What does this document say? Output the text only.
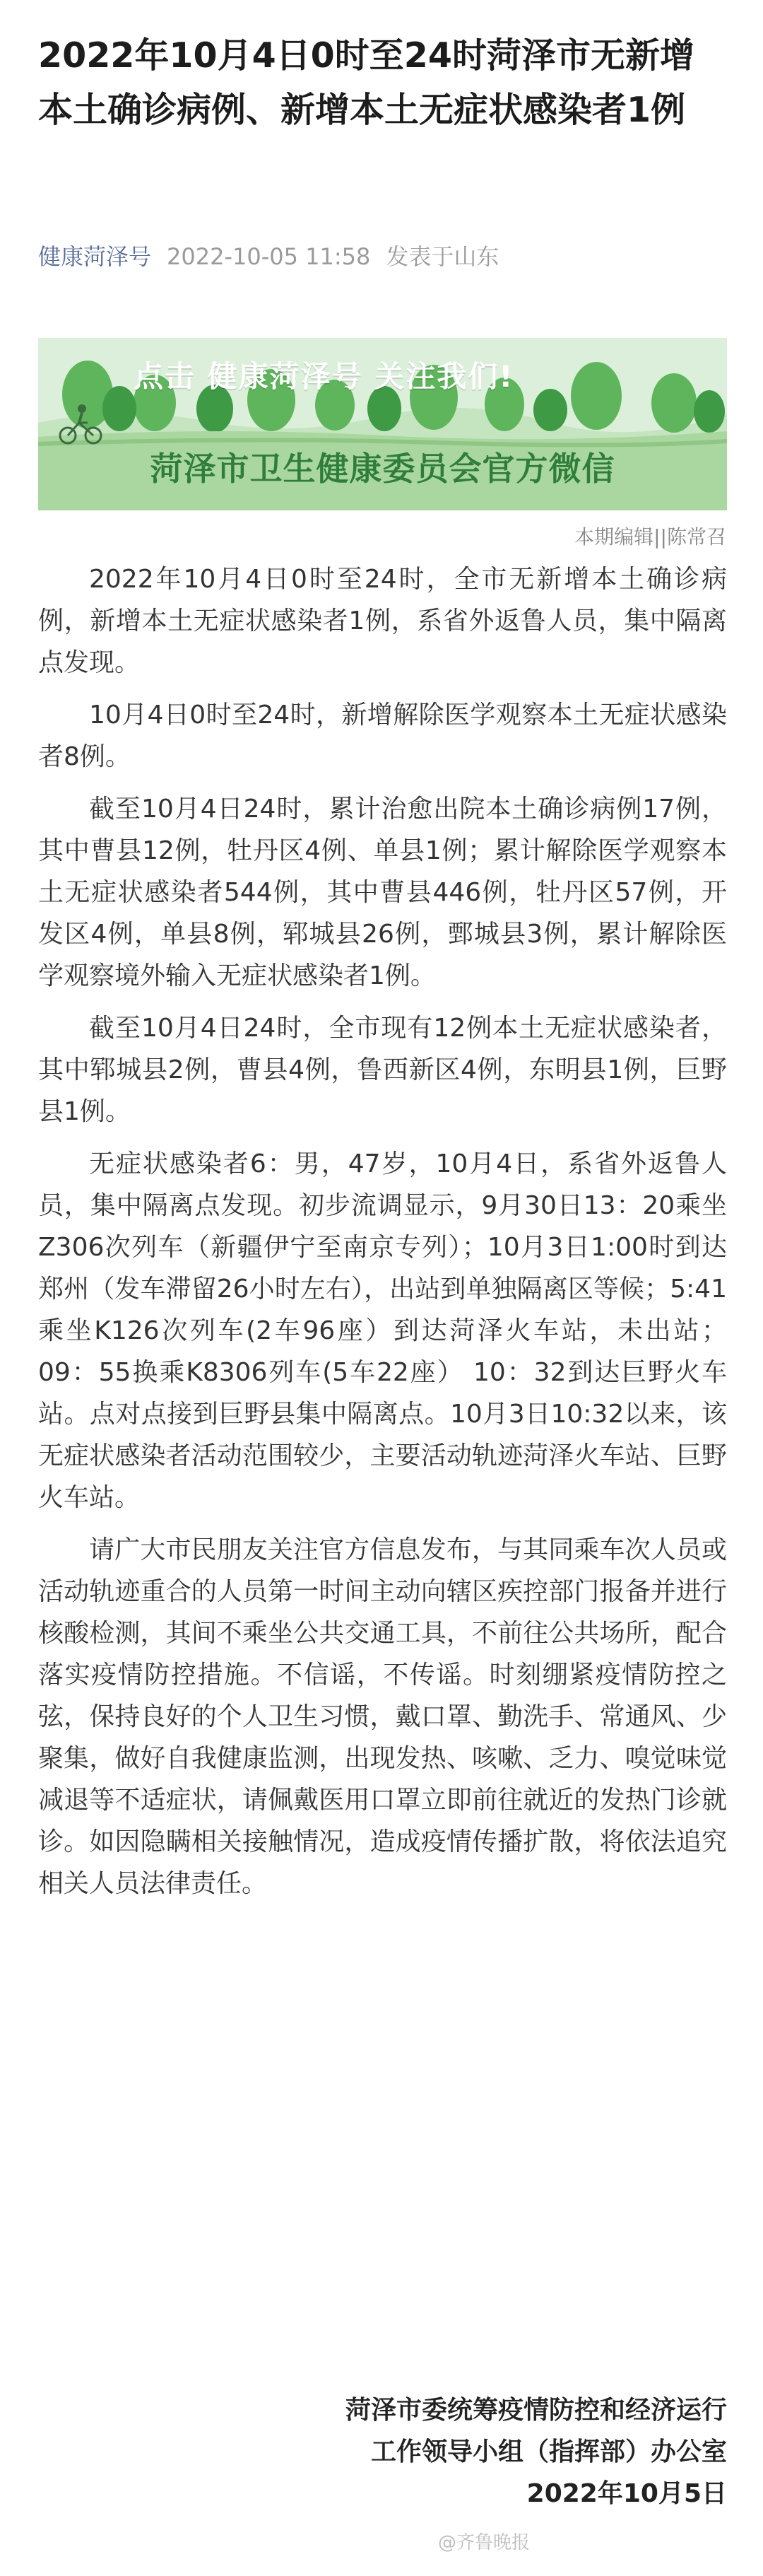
2022年10月4日0时至24时菏泽市无新增本土确诊病例、新增本土无症状感染者1例
健康菏泽号 2022-10-05 11:58 发表于山东
点击 健康菏泽号 关注我们!
菏泽市卫生健康委员会官方微信
本期编辑||陈常召

2022年10月4日0时至24时，全市无新增本土确诊病例，新增本土无症状感染者1例，系省外返鲁人员，集中隔离点发现。

10月4日0时至24时，新增解除医学观察本土无症状感染者8例。

截至10月4日24时，累计治愈出院本土确诊病例17例，其中曹县12例，牡丹区4例、单县1例；累计解除医学观察本土无症状感染者544例，其中曹县446例，牡丹区57例，开发区4例，单县8例，郓城县26例，鄄城县3例，累计解除医学观察境外输入无症状感染者1例。

截至10月4日24时，全市现有12例本土无症状感染者，其中郓城县2例，曹县4例，鲁西新区4例，东明县1例，巨野县1例。

无症状感染者6：男，47岁，10月4日，系省外返鲁人员，集中隔离点发现。初步流调显示，9月30日13：20乘坐Z306次列车（新疆伊宁至南京专列）；10月3日1:00时到达郑州（发车滞留26小时左右），出站到单独隔离区等候；5:41乘坐K126次列车(2车96座）到达菏泽火车站，未出站；09：55换乘K8306列车(5车22座） 10：32到达巨野火车站。点对点接到巨野县集中隔离点。10月3日10:32以来，该无症状感染者活动范围较少，主要活动轨迹菏泽火车站、巨野火车站。

请广大市民朋友关注官方信息发布，与其同乘车次人员或活动轨迹重合的人员第一时间主动向辖区疾控部门报备并进行核酸检测，其间不乘坐公共交通工具，不前往公共场所，配合落实疫情防控措施。不信谣，不传谣。时刻绷紧疫情防控之弦，保持良好的个人卫生习惯，戴口罩、勤洗手、常通风、少聚集，做好自我健康监测，出现发热、咳嗽、乏力、嗅觉味觉减退等不适症状，请佩戴医用口罩立即前往就近的发热门诊就诊。如因隐瞒相关接触情况，造成疫情传播扩散，将依法追究相关人员法律责任。

菏泽市委统筹疫情防控和经济运行
工作领导小组（指挥部）办公室
2022年10月5日
@齐鲁晚报
